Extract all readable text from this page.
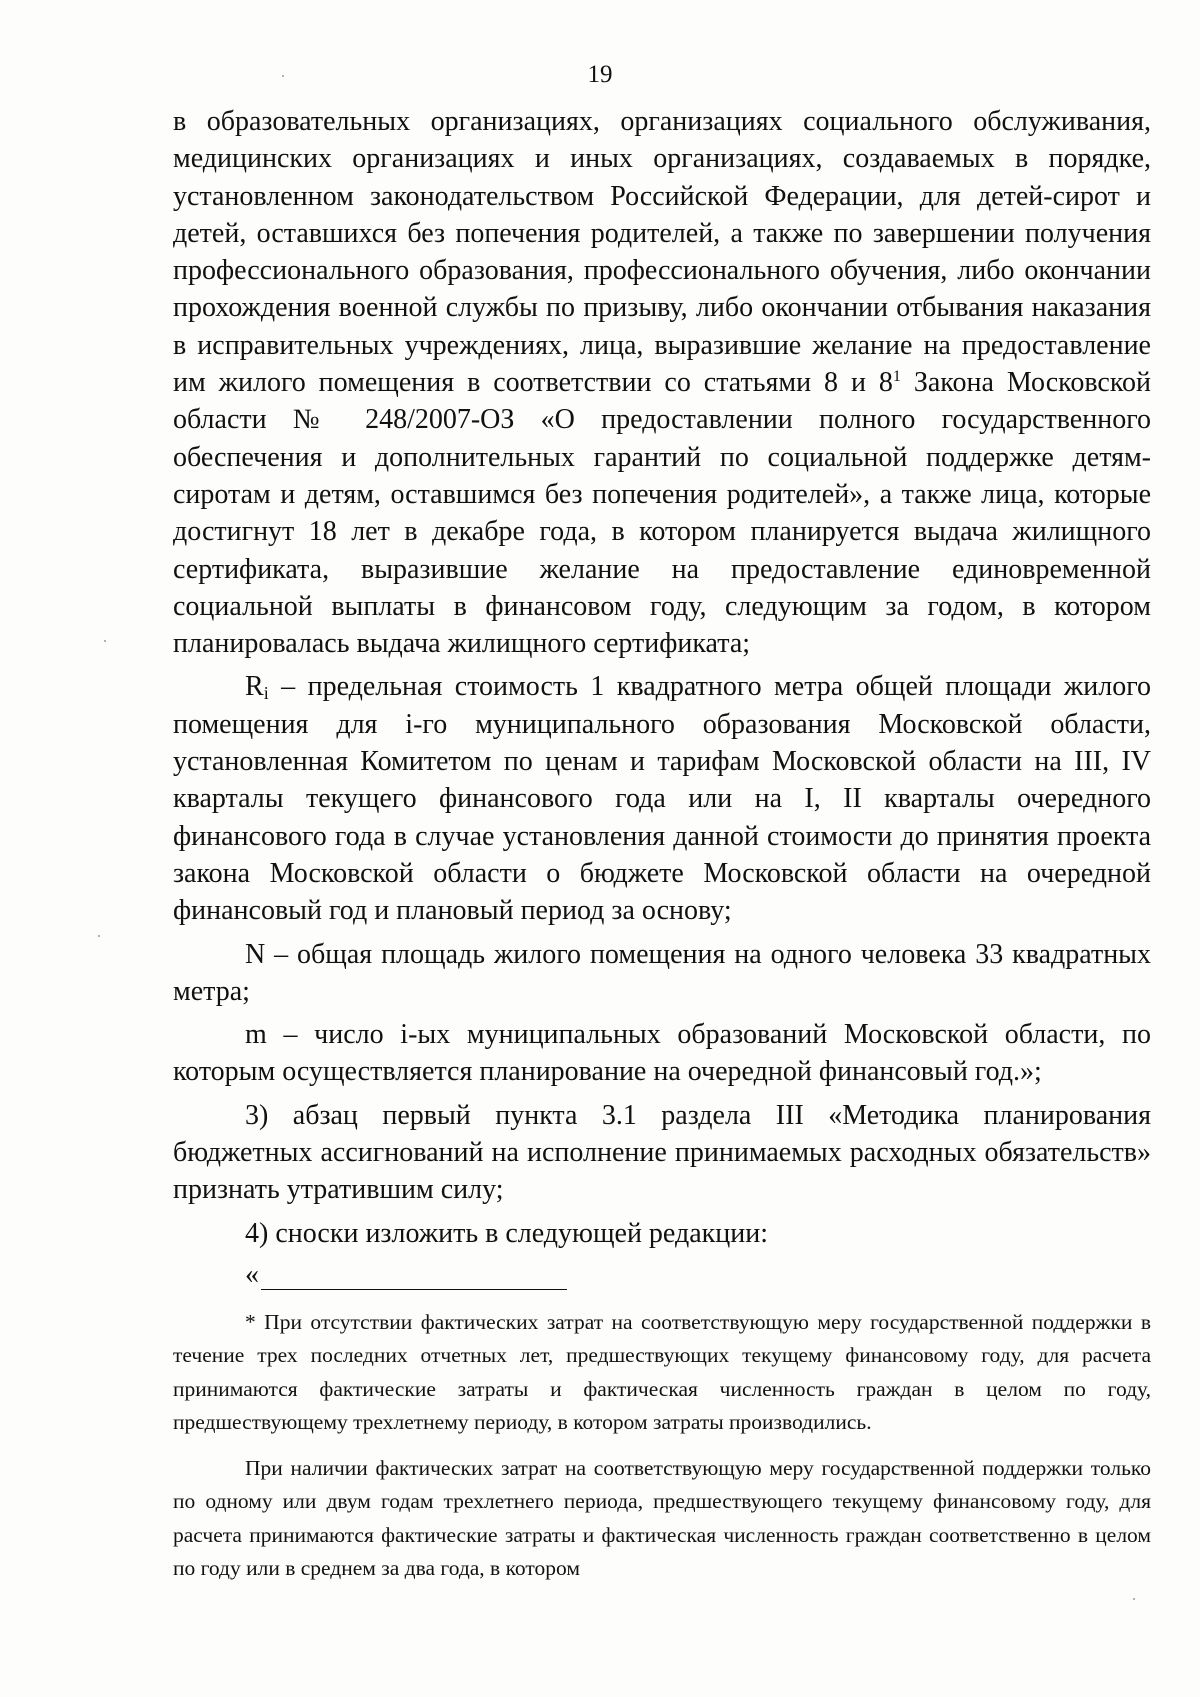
19

в образовательных организациях, организациях социального обслуживания, медицинских организациях и иных организациях, создаваемых в порядке, установленном законодательством Российской Федерации, для детей-сирот и детей, оставшихся без попечения родителей, а также по завершении получения профессионального образования, профессионального обучения, либо окончании прохождения военной службы по призыву, либо окончании отбывания наказания в исправительных учреждениях, лица, выразившие желание на предоставление им жилого помещения в соответствии со статьями 8 и $8^1$ Закона Московской области № 248/2007-ОЗ «О предоставлении полного государственного обеспечения и дополнительных гарантий по социальной поддержке детям-сиротам и детям, оставшимся без попечения родителей», а также лица, которые достигнут 18 лет в декабре года, в котором планируется выдача жилищного сертификата, выразившие желание на предоставление единовременной социальной выплаты в финансовом году, следующим за годом, в котором планировалась выдача жилищного сертификата;

$R_i$ – предельная стоимость 1 квадратного метра общей площади жилого помещения для i-го муниципального образования Московской области, установленная Комитетом по ценам и тарифам Московской области на III, IV кварталы текущего финансового года или на I, II кварталы очередного финансового года в случае установления данной стоимости до принятия проекта закона Московской области о бюджете Московской области на очередной финансовый год и плановый период за основу;

N – общая площадь жилого помещения на одного человека 33 квадратных метра;

m – число i-ых муниципальных образований Московской области, по которым осуществляется планирование на очередной финансовый год.»;

3) абзац первый пункта 3.1 раздела III «Методика планирования бюджетных ассигнований на исполнение принимаемых расходных обязательств» признать утратившим силу;

4) сноски изложить в следующей редакции:

«

* При отсутствии фактических затрат на соответствующую меру государственной поддержки в течение трех последних отчетных лет, предшествующих текущему финансовому году, для расчета принимаются фактические затраты и фактическая численность граждан в целом по году, предшествующему трехлетнему периоду, в котором затраты производились.

При наличии фактических затрат на соответствующую меру государственной поддержки только по одному или двум годам трехлетнего периода, предшествующего текущему финансовому году, для расчета принимаются фактические затраты и фактическая численность граждан соответственно в целом по году или в среднем за два года, в котором
